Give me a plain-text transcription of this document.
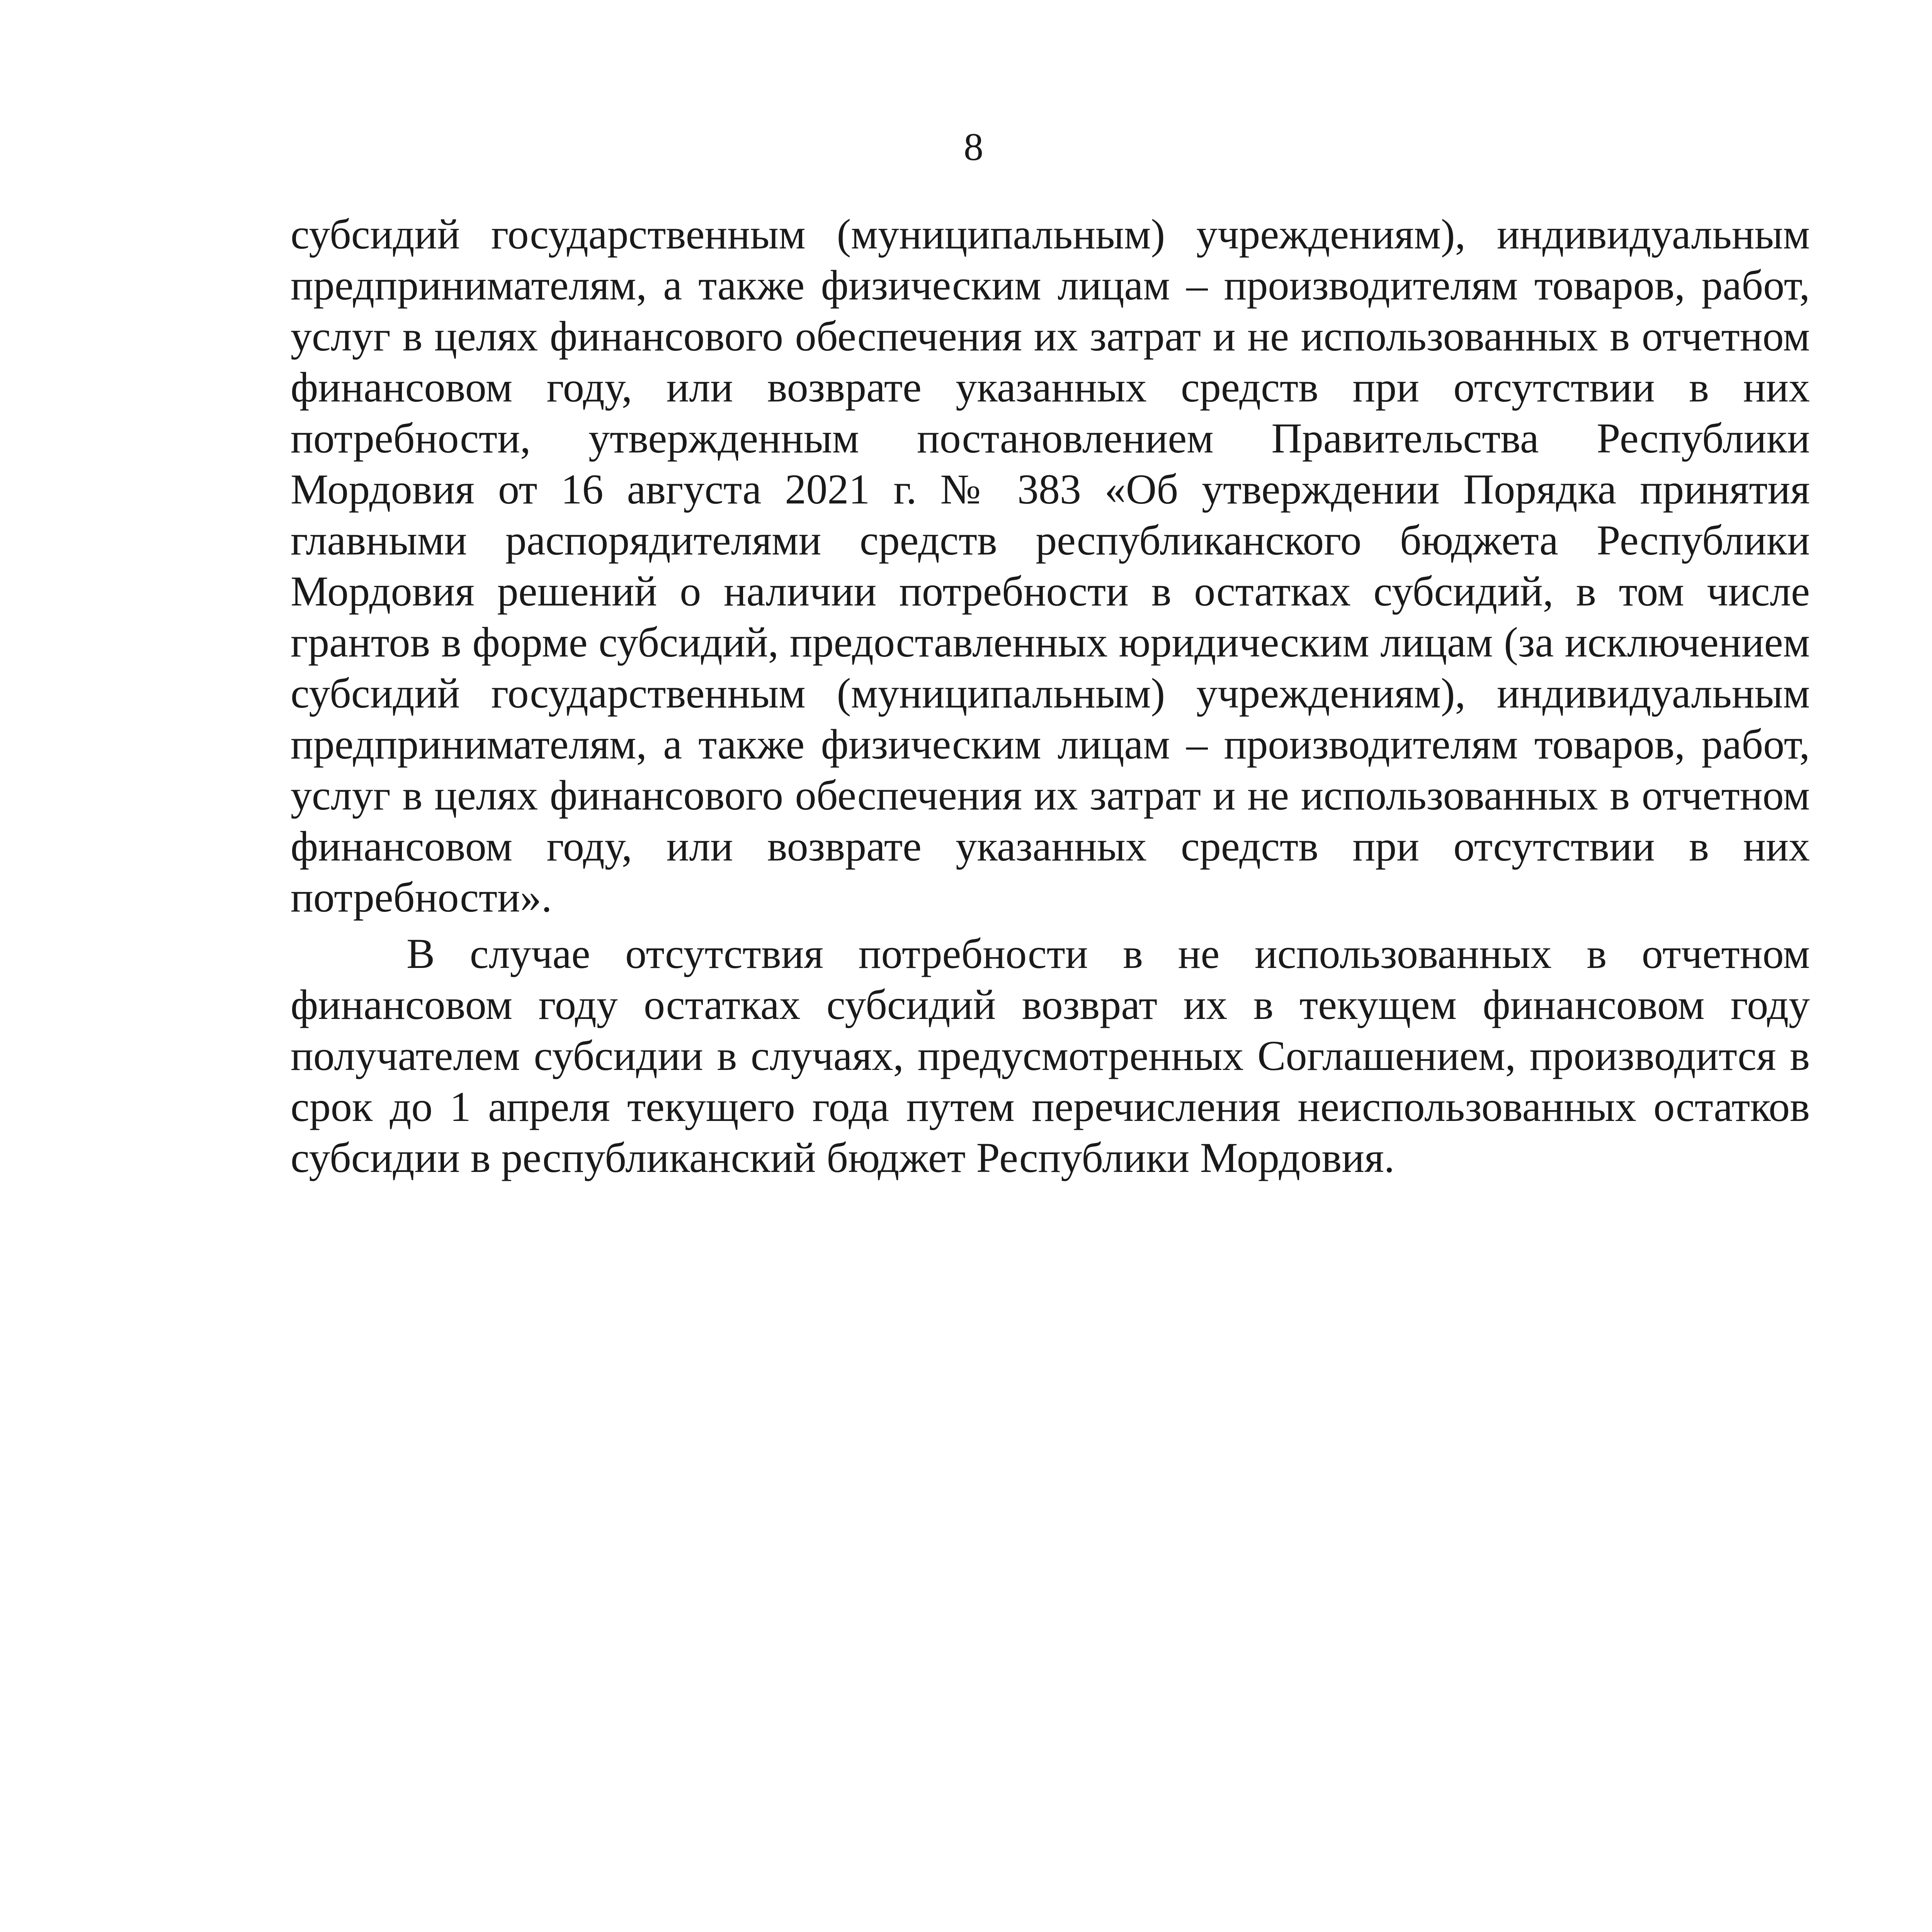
8

субсидий государственным (муниципальным) учреждениям), индивидуальным предпринимателям, а также физическим лицам – производителям товаров, работ, услуг в целях финансового обеспечения их затрат и не использованных в отчетном финансовом году, или возврате указанных средств при отсутствии в них потребности, утвержденным постановлением Правительства Республики Мордовия от 16 августа 2021 г. № 383 «Об утверждении Порядка принятия главными распорядителями средств республиканского бюджета Республики Мордовия решений о наличии потребности в остатках субсидий, в том числе грантов в форме субсидий, предоставленных юридическим лицам (за исключением субсидий государственным (муниципальным) учреждениям), индивидуальным предпринимателям, а также физическим лицам – производителям товаров, работ, услуг в целях финансового обеспечения их затрат и не использованных в отчетном финансовом году, или возврате указанных средств при отсутствии в них потребности».

В случае отсутствия потребности в не использованных в отчетном финансовом году остатках субсидий возврат их в текущем финансовом году получателем субсидии в случаях, предусмотренных Соглашением, производится в срок до 1 апреля текущего года путем перечисления неиспользованных остатков субсидии в республиканский бюджет Республики Мордовия.
